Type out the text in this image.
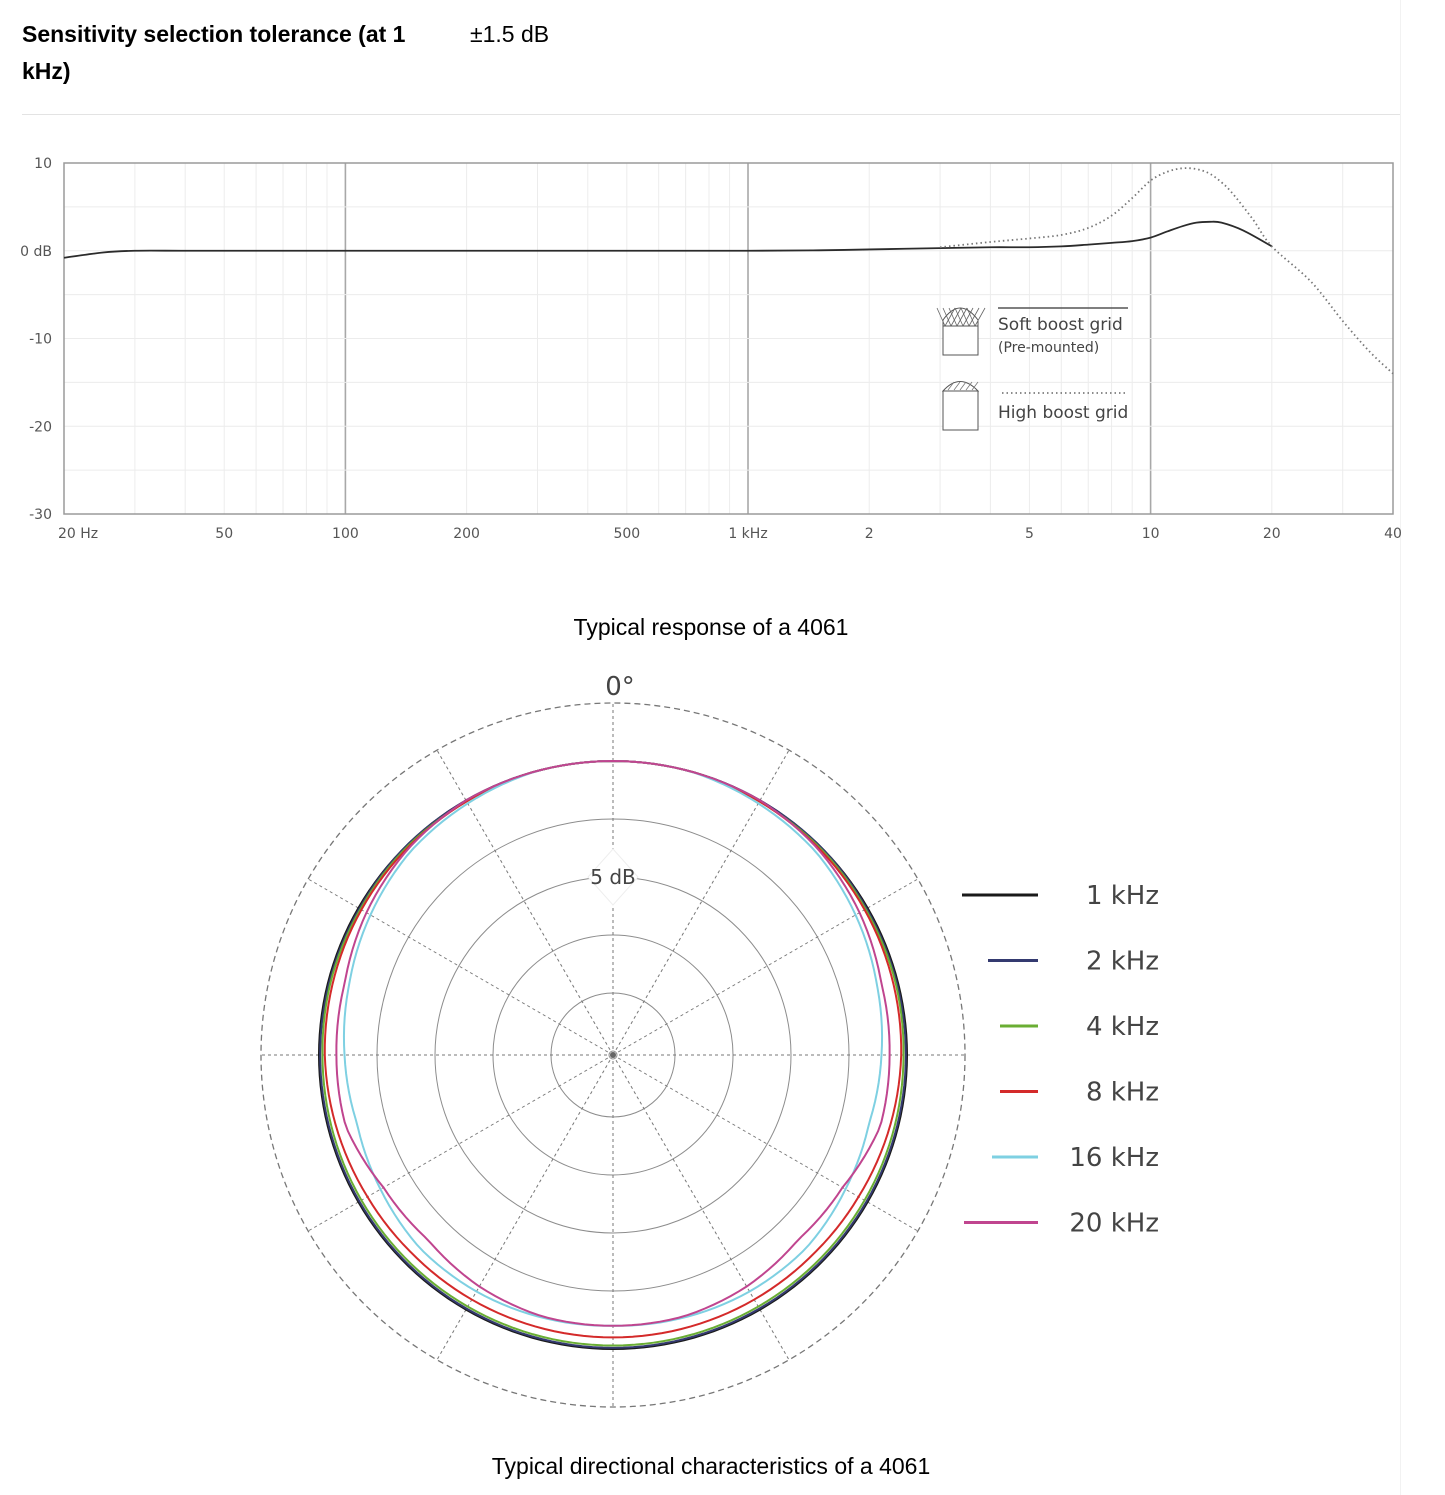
Sensitivity selection tolerance (at 1 kHz)
±1.5 dB
10
0 dB
-10
-20
-30
20 Hz	50	100	200	500	1 kHz	2	5	10	20	40
Soft boost grid
(Pre-mounted)
High boost grid
Typical response of a 4061
5 dB
0°
1 kHz
2 kHz
4 kHz
8 kHz
16 kHz
20 kHz
Typical directional characteristics of a 4061
